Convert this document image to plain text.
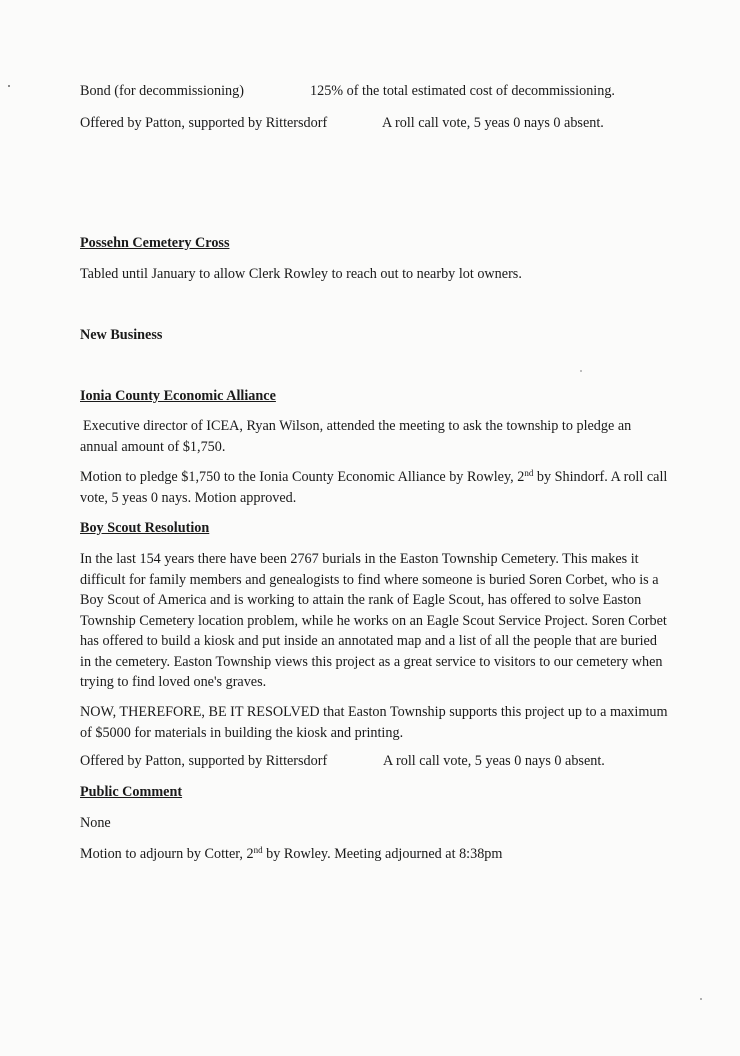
Bond (for decommissioning)	125% of the total estimated cost of decommissioning.
Offered by Patton, supported by Rittersdorf	A roll call vote, 5 yeas 0 nays 0 absent.
Possehn Cemetery Cross
Tabled until January to allow Clerk Rowley to reach out to nearby lot owners.
New Business
Ionia County Economic Alliance
Executive director of ICEA, Ryan Wilson, attended the meeting to ask the township to pledge an annual amount of $1,750.
Motion to pledge $1,750 to the Ionia County Economic Alliance by Rowley, 2nd by Shindorf. A roll call vote, 5 yeas 0 nays. Motion approved.
Boy Scout Resolution
In the last 154 years there have been 2767 burials in the Easton Township Cemetery. This makes it difficult for family members and genealogists to find where someone is buried Soren Corbet, who is a Boy Scout of America and is working to attain the rank of Eagle Scout, has offered to solve Easton Township Cemetery location problem, while he works on an Eagle Scout Service Project. Soren Corbet has offered to build a kiosk and put inside an annotated map and a list of all the people that are buried in the cemetery. Easton Township views this project as a great service to visitors to our cemetery when trying to find loved one's graves.
NOW, THEREFORE, BE IT RESOLVED that Easton Township supports this project up to a maximum of $5000 for materials in building the kiosk and printing.
Offered by Patton, supported by Rittersdorf	A roll call vote, 5 yeas 0 nays 0 absent.
Public Comment
None
Motion to adjourn by Cotter, 2nd by Rowley. Meeting adjourned at 8:38pm
